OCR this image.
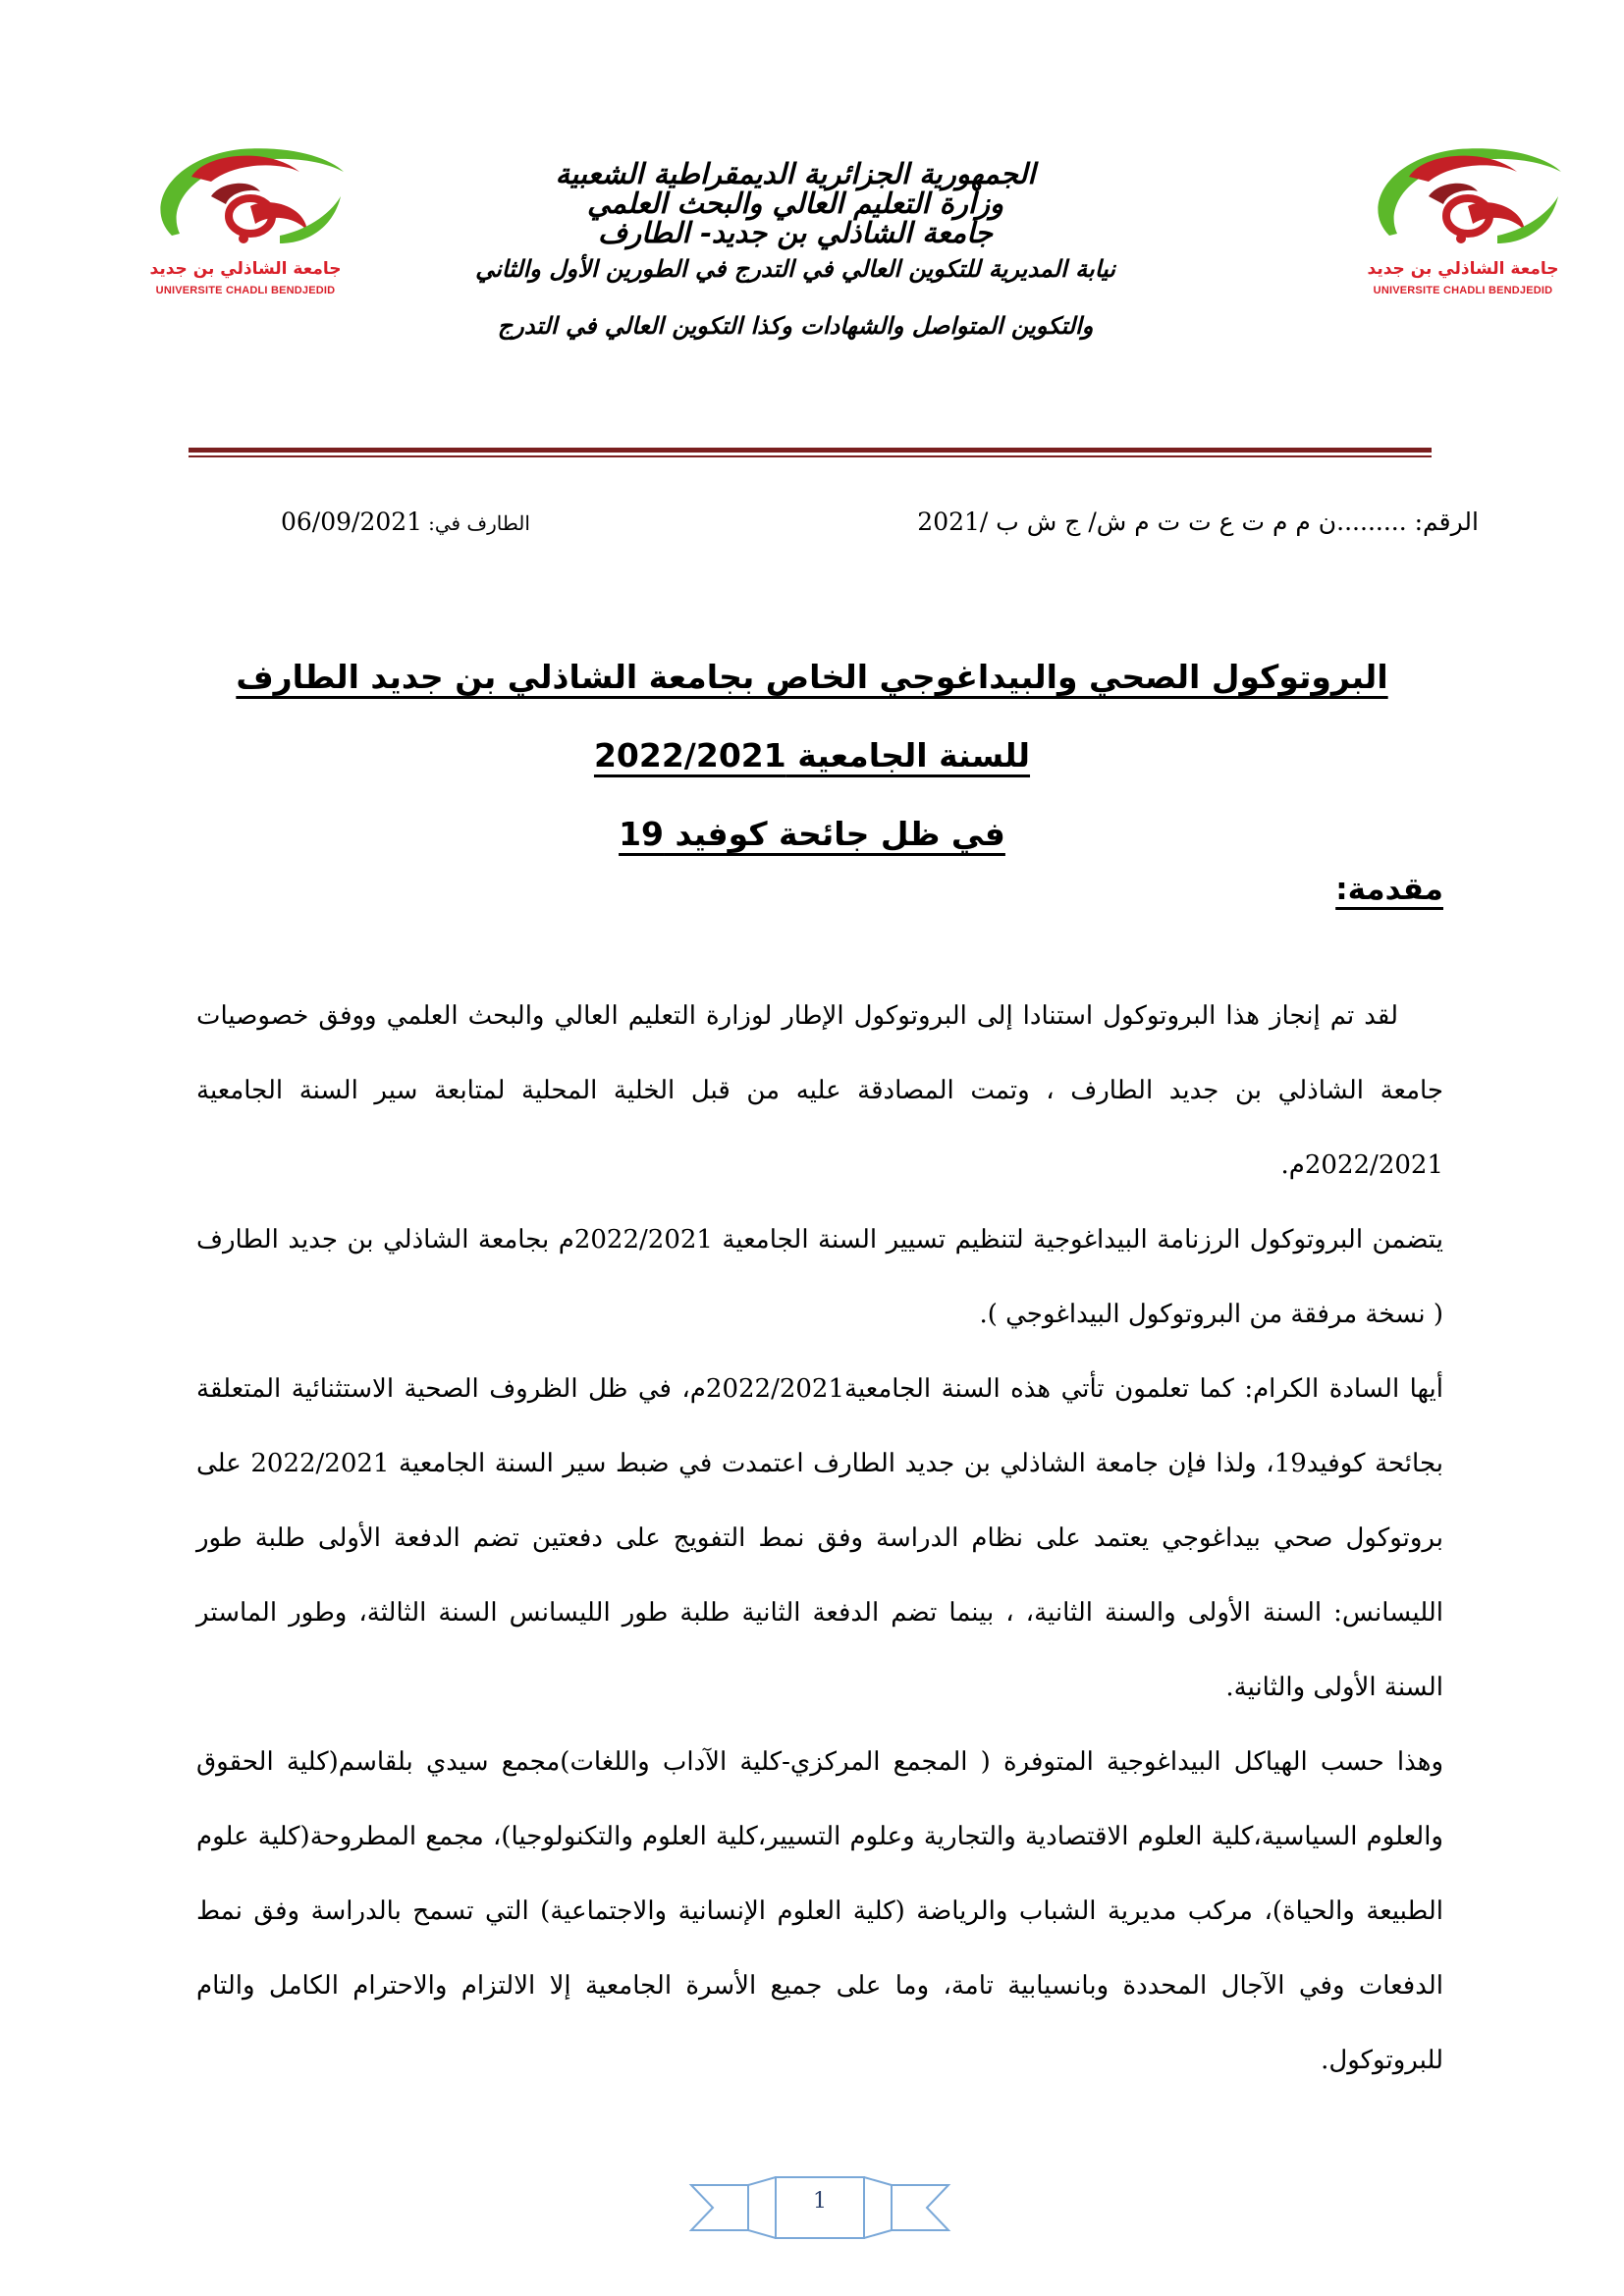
جامعة الشاذلي بن جديد
UNIVERSITE CHADLI BENDJEDID
جامعة الشاذلي بن جديد
UNIVERSITE CHADLI BENDJEDID
الجمهورية الجزائرية الديمقراطية الشعبية
وزارة التعليم العالي والبحث العلمي
جامعة الشاذلي بن جديد- الطارف
نيابة المديرية للتكوين العالي في التدرج في الطورين الأول والثاني
والتكوين المتواصل والشهادات وكذا التكوين العالي في التدرج
الرقم: .........ن م م ت ع ت ت م ش/ ج ش ب /2021
الطارف في:06/09/2021
البروتوكول الصحي والبيداغوجي الخاص بجامعة الشاذلي بن جديد الطارف
للسنة الجامعية 2022/2021
في ظل جائحة كوفيد 19
مقدمة:

لقد تم إنجاز هذا البروتوكول استنادا إلى البروتوكول الإطار لوزارة التعليم العالي والبحث العلمي ووفق خصوصيات جامعة الشاذلي بن جديد الطارف ، وتمت المصادقة عليه من قبل الخلية المحلية لمتابعة سير السنة الجامعية 2022/2021م.

يتضمن البروتوكول الرزنامة البيداغوجية لتنظيم تسيير السنة الجامعية 2022/2021م بجامعة الشاذلي بن جديد الطارف ( نسخة مرفقة من البروتوكول البيداغوجي ).

أيها السادة الكرام: كما تعلمون تأتي هذه السنة الجامعية2022/2021م، في ظل الظروف الصحية الاستثنائية المتعلقة بجائحة كوفيد19، ولذا فإن جامعة الشاذلي بن جديد الطارف اعتمدت في ضبط سير السنة الجامعية 2022/2021 على بروتوكول صحي بيداغوجي يعتمد على نظام الدراسة وفق نمط التفويج على دفعتين تضم الدفعة الأولى طلبة طور الليسانس: السنة الأولى والسنة الثانية، ، بينما تضم الدفعة الثانية طلبة طور الليسانس السنة الثالثة، وطور الماستر السنة الأولى والثانية.

وهذا حسب الهياكل البيداغوجية المتوفرة ( المجمع المركزي-كلية الآداب واللغات)مجمع سيدي بلقاسم(كلية الحقوق والعلوم السياسية،كلية العلوم الاقتصادية والتجارية وعلوم التسيير،كلية العلوم والتكنولوجيا)، مجمع المطروحة(كلية علوم الطبيعة والحياة)، مركب مديرية الشباب والرياضة (كلية العلوم الإنسانية والاجتماعية) التي تسمح بالدراسة وفق نمط الدفعات وفي الآجال المحددة وبانسيابية تامة، وما على جميع الأسرة الجامعية إلا الالتزام والاحترام الكامل والتام للبروتوكول.

1
